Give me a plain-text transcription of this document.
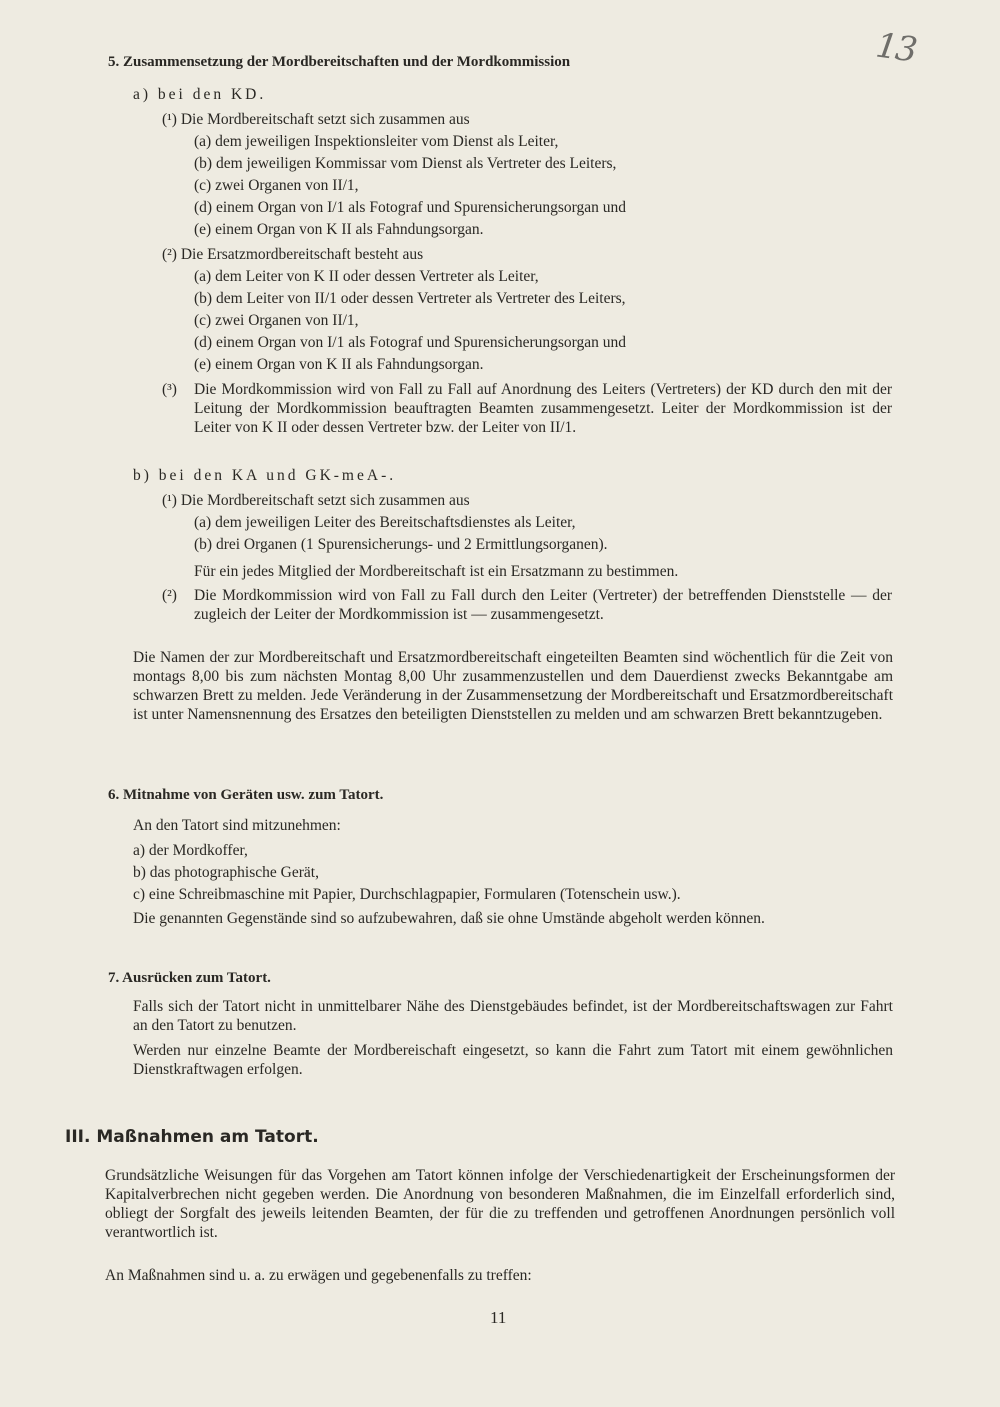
13
5. Zusammensetzung der Mordbereitschaften und der Mordkommission
a) bei den KD.
(¹) Die Mordbereitschaft setzt sich zusammen aus
(a) dem jeweiligen Inspektionsleiter vom Dienst als Leiter,
(b) dem jeweiligen Kommissar vom Dienst als Vertreter des Leiters,
(c) zwei Organen von II/1,
(d) einem Organ von I/1 als Fotograf und Spurensicherungsorgan und
(e) einem Organ von K II als Fahndungsorgan.
(²) Die Ersatzmordbereitschaft besteht aus
(a) dem Leiter von K II oder dessen Vertreter als Leiter,
(b) dem Leiter von II/1 oder dessen Vertreter als Vertreter des Leiters,
(c) zwei Organen von II/1,
(d) einem Organ von I/1 als Fotograf und Spurensicherungsorgan und
(e) einem Organ von K II als Fahndungsorgan.
(³) Die Mordkommission wird von Fall zu Fall auf Anordnung des Leiters (Vertreters) der KD durch den mit der Leitung der Mordkommission beauftragten Beamten zusammengesetzt. Leiter der Mordkommission ist der Leiter von K II oder dessen Vertreter bzw. der Leiter von II/1.
b) bei den KA und GK-meA-.
(¹) Die Mordbereitschaft setzt sich zusammen aus
(a) dem jeweiligen Leiter des Bereitschaftsdienstes als Leiter,
(b) drei Organen (1 Spurensicherungs- und 2 Ermittlungsorganen).
Für ein jedes Mitglied der Mordbereitschaft ist ein Ersatzmann zu bestimmen.
(²) Die Mordkommission wird von Fall zu Fall durch den Leiter (Vertreter) der betreffenden Dienststelle — der zugleich der Leiter der Mordkommission ist — zusammengesetzt.
Die Namen der zur Mordbereitschaft und Ersatzmordbereitschaft eingeteilten Beamten sind wöchentlich für die Zeit von montags 8,00 bis zum nächsten Montag 8,00 Uhr zusammenzustellen und dem Dauerdienst zwecks Bekanntgabe am schwarzen Brett zu melden. Jede Veränderung in der Zusammensetzung der Mordbereitschaft und Ersatzmordbereitschaft ist unter Namensnennung des Ersatzes den beteiligten Dienststellen zu melden und am schwarzen Brett bekanntzugeben.
6. Mitnahme von Geräten usw. zum Tatort.
An den Tatort sind mitzunehmen:
a) der Mordkoffer,
b) das photographische Gerät,
c) eine Schreibmaschine mit Papier, Durchschlagpapier, Formularen (Totenschein usw.).
Die genannten Gegenstände sind so aufzubewahren, daß sie ohne Umstände abgeholt werden können.
7. Ausrücken zum Tatort.
Falls sich der Tatort nicht in unmittelbarer Nähe des Dienstgebäudes befindet, ist der Mordbereitschaftswagen zur Fahrt an den Tatort zu benutzen.
Werden nur einzelne Beamte der Mordbereischaft eingesetzt, so kann die Fahrt zum Tatort mit einem gewöhnlichen Dienstkraftwagen erfolgen.
III. Maßnahmen am Tatort.
Grundsätzliche Weisungen für das Vorgehen am Tatort können infolge der Verschiedenartigkeit der Erscheinungsformen der Kapitalverbrechen nicht gegeben werden. Die Anordnung von besonderen Maßnahmen, die im Einzelfall erforderlich sind, obliegt der Sorgfalt des jeweils leitenden Beamten, der für die zu treffenden und getroffenen Anordnungen persönlich voll verantwortlich ist.
An Maßnahmen sind u. a. zu erwägen und gegebenenfalls zu treffen:
11
